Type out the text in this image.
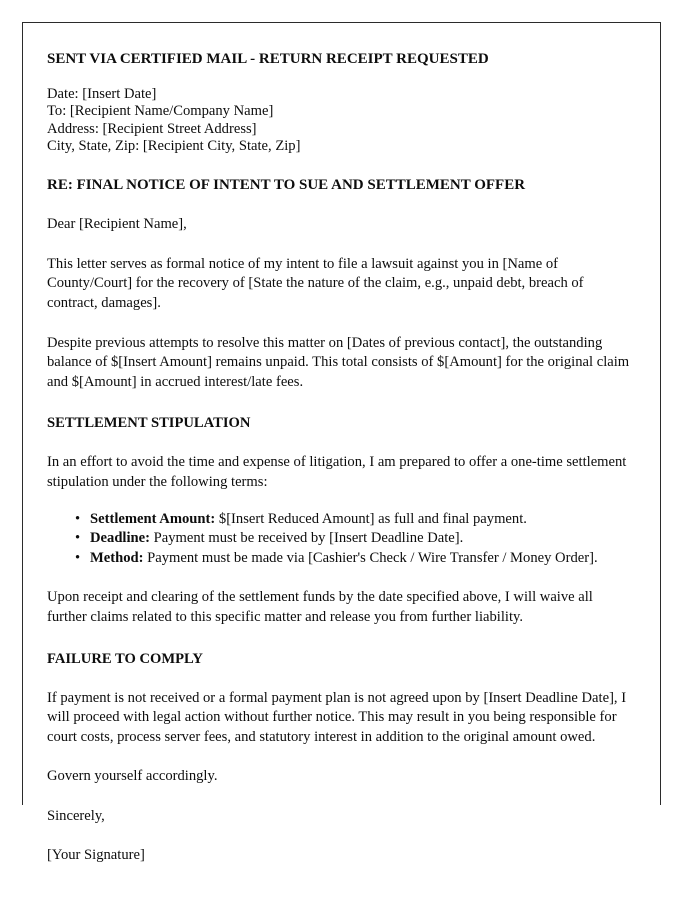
SENT VIA CERTIFIED MAIL - RETURN RECEIPT REQUESTED
Date: [Insert Date]
To: [Recipient Name/Company Name]
Address: [Recipient Street Address]
City, State, Zip: [Recipient City, State, Zip]
RE: FINAL NOTICE OF INTENT TO SUE AND SETTLEMENT OFFER

Dear [Recipient Name],

This letter serves as formal notice of my intent to file a lawsuit against you in [Name of County/Court] for the recovery of [State the nature of the claim, e.g., unpaid debt, breach of contract, damages].

Despite previous attempts to resolve this matter on [Dates of previous contact], the outstanding balance of $[Insert Amount] remains unpaid. This total consists of $[Amount] for the original claim and $[Amount] in accrued interest/late fees.

SETTLEMENT STIPULATION

In an effort to avoid the time and expense of litigation, I am prepared to offer a one-time settlement stipulation under the following terms:

• Settlement Amount: $[Insert Reduced Amount] as full and final payment.
• Deadline: Payment must be received by [Insert Deadline Date].
• Method: Payment must be made via [Cashier's Check / Wire Transfer / Money Order].

Upon receipt and clearing of the settlement funds by the date specified above, I will waive all further claims related to this specific matter and release you from further liability.

FAILURE TO COMPLY

If payment is not received or a formal payment plan is not agreed upon by [Insert Deadline Date], I will proceed with legal action without further notice. This may result in you being responsible for court costs, process server fees, and statutory interest in addition to the original amount owed.

Govern yourself accordingly.

Sincerely,

[Your Signature]
